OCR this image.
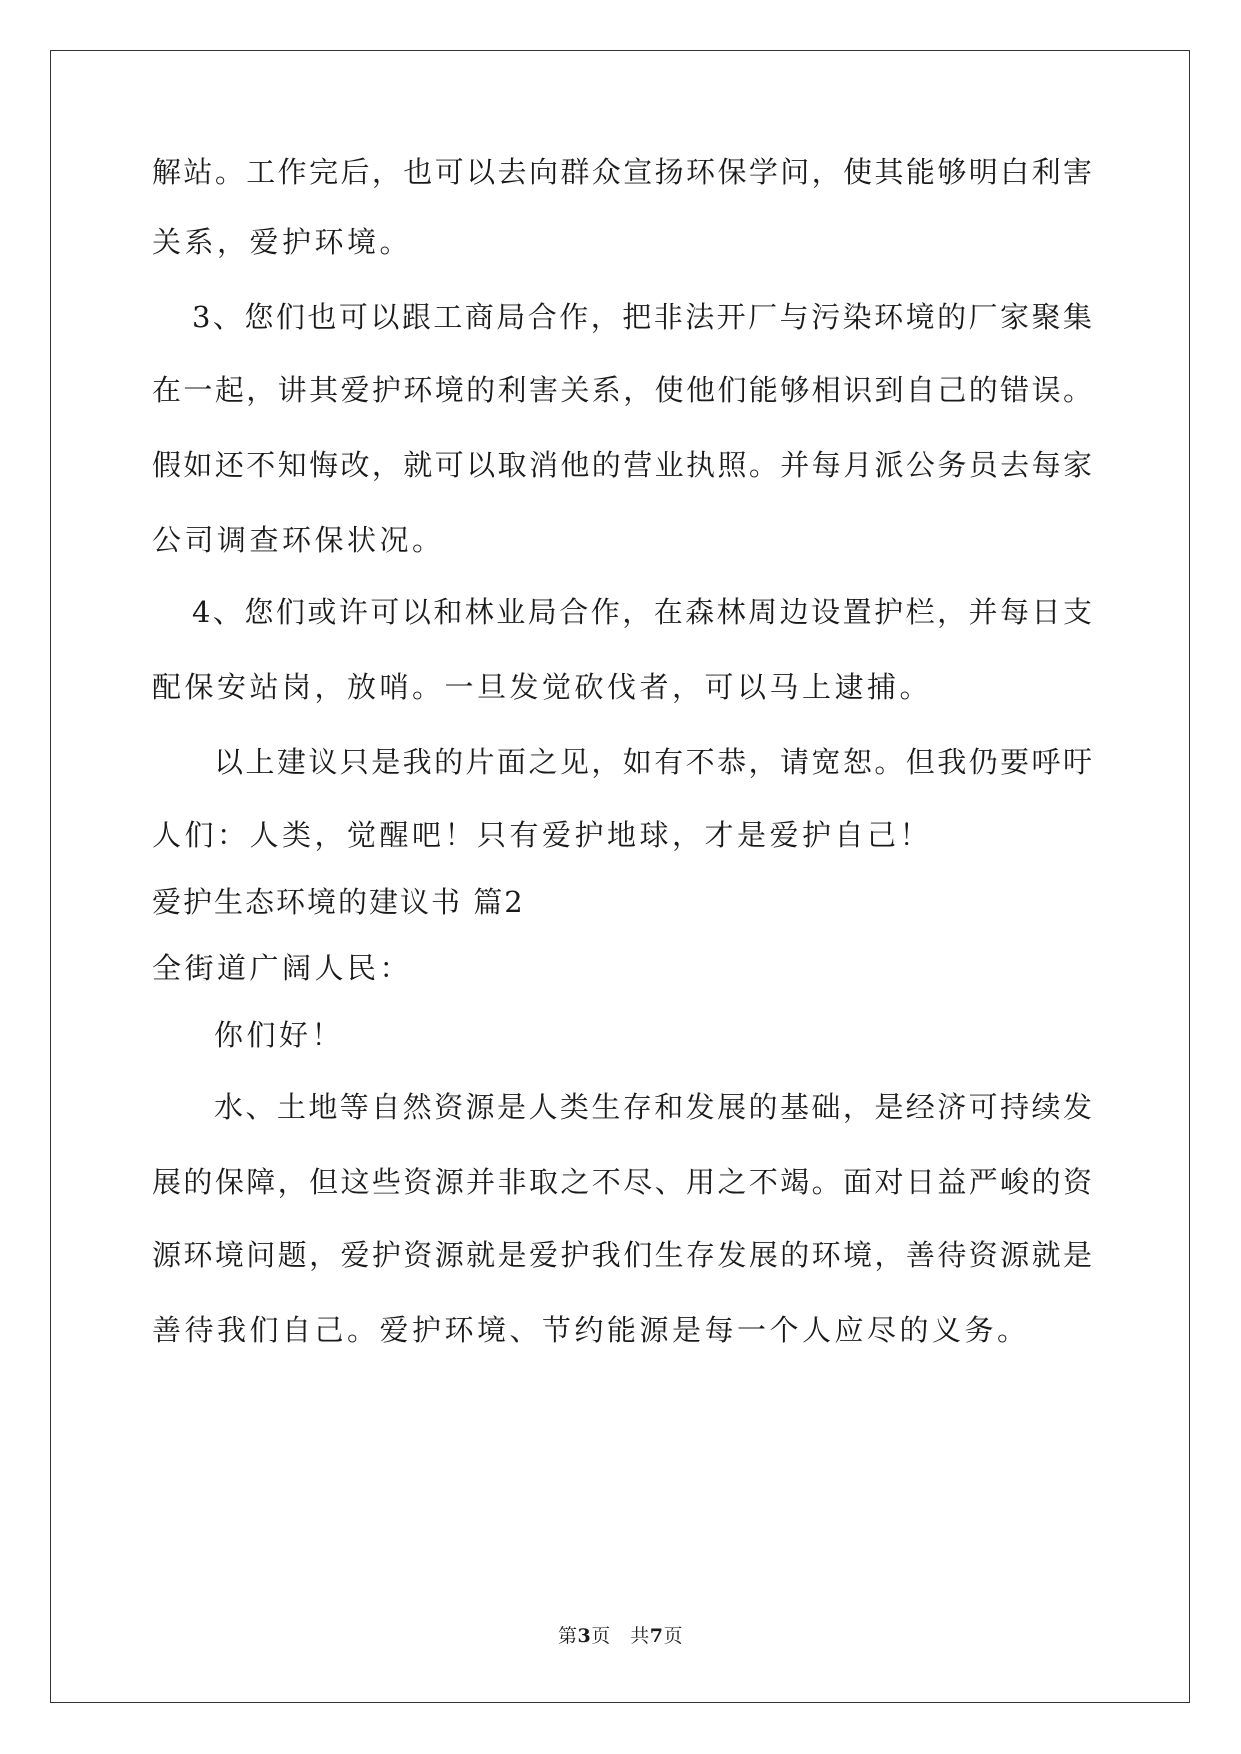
解站。工作完后，也可以去向群众宣扬环保学问，使其能够明白利害
关系，爱护环境。
3、您们也可以跟工商局合作，把非法开厂与污染环境的厂家聚集
在一起，讲其爱护环境的利害关系，使他们能够相识到自己的错误。
假如还不知悔改，就可以取消他的营业执照。并每月派公务员去每家
公司调查环保状况。
4、您们或许可以和林业局合作，在森林周边设置护栏，并每日支
配保安站岗，放哨。一旦发觉砍伐者，可以马上逮捕。
以上建议只是我的片面之见，如有不恭，请宽恕。但我仍要呼吁
人们：人类，觉醒吧！只有爱护地球，才是爱护自己！
爱护生态环境的建议书 篇2
全街道广阔人民：
你们好！
水、土地等自然资源是人类生存和发展的基础，是经济可持续发
展的保障，但这些资源并非取之不尽、用之不竭。面对日益严峻的资
源环境问题，爱护资源就是爱护我们生存发展的环境，善待资源就是
善待我们自己。爱护环境、节约能源是每一个人应尽的义务。
第3页　共7页
